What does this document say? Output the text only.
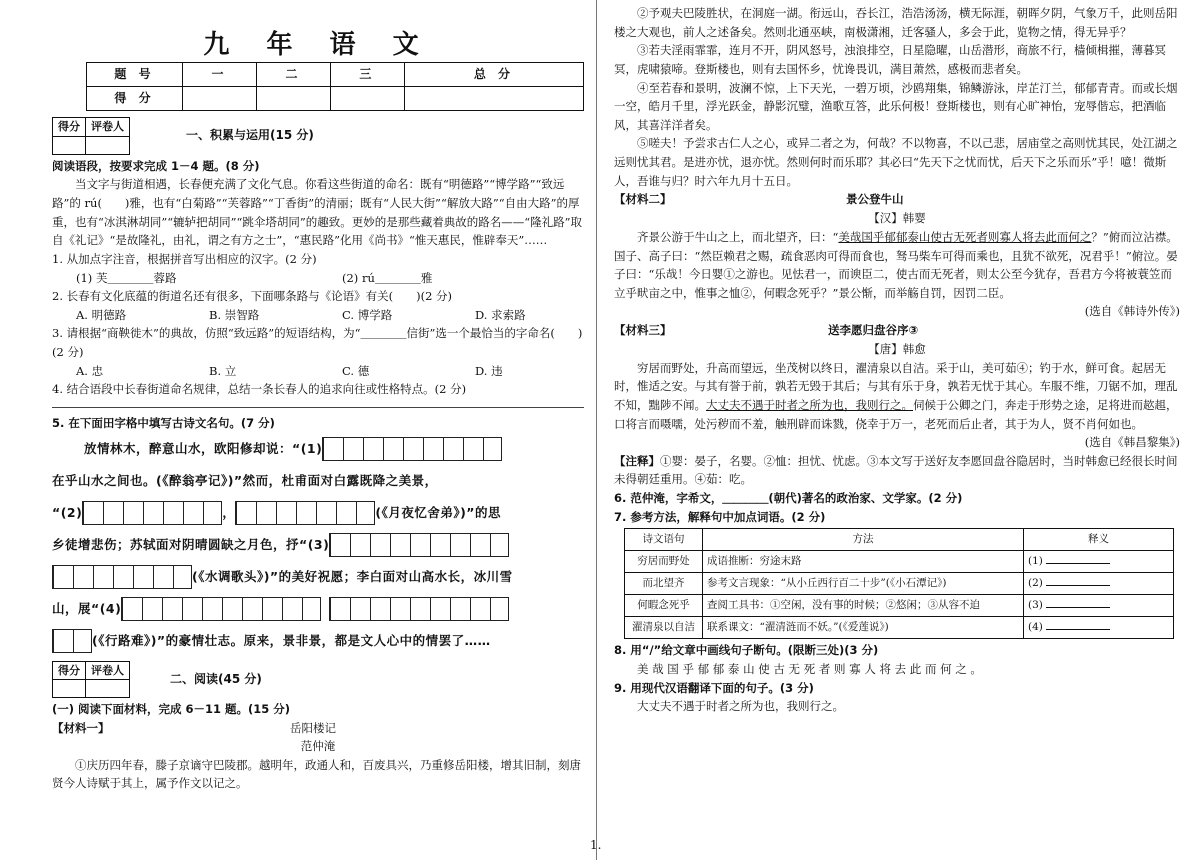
九 年 语 文
题 号	一	二	三	总 分
得 分				
得分	评卷人

一、积累与运用(15 分)

阅读语段，按要求完成 1－4 题。(8 分)

当文字与街道相遇，长春便充满了文化气息。你看这些街道的命名：既有“明德路”“博学路”“致远路”的 rú(　　)雅，也有“白菊路”“芙蓉路”“丁香街”的清丽；既有“人民大街”“解放大路”“自由大路”的厚重，也有“冰淇淋胡同”“辘轳把胡同”“跳伞塔胡同”的趣致。更妙的是那些藏着典故的路名——“隆礼路”取自《礼记》“是故隆礼，由礼，谓之有方之士”，“惠民路”化用《尚书》“惟天惠民，惟辟奉天”……

1. 从加点字注音，根据拼音写出相应的汉字。(2 分)

(1) 芙＿＿＿＿蓉路	(2) rú＿＿＿＿雅

2. 长春有文化底蕴的街道名还有很多，下面哪条路与《论语》有关(　　)(2 分)

A. 明德路	B. 崇智路	C. 博学路	D. 求索路

3. 请根据“商鞅徙木”的典故，仿照“致远路”的短语结构，为“＿＿＿＿信街”选一个最恰当的字命名(　　)(2 分)

A. 忠	B. 立	C. 德	D. 违

4. 结合语段中长春街道命名规律，总结一条长春人的追求向往或性格特点。(2 分)

5. 在下面田字格中填写古诗文名句。(7 分)

放情林木，醉意山水，欧阳修却说：“(1)
在乎山水之间也。(《醉翁亭记》)”然而，杜甫面对白露既降之美景，
“(2)	，	(《月夜忆舍弟》)”的思
乡徒增悲伤；苏轼面对阴晴圆缺之月色，抒“(3)
(《水调歌头》)”的美好祝愿；李白面对山高水长，冰川雪
山，展“(4)
(《行路难》)”的豪情壮志。原来，景非景，都是文人心中的情罢了……
得分	评卷人

二、阅读(45 分)

(一) 阅读下面材料，完成 6－11 题。(15 分)

【材料一】	岳阳楼记
范仲淹

①庆历四年春，滕子京谪守巴陵郡。越明年，政通人和，百废具兴，乃重修岳阳楼，增其旧制，刻唐贤今人诗赋于其上，属予作文以记之。

②予观夫巴陵胜状，在洞庭一湖。衔远山，吞长江，浩浩汤汤，横无际涯，朝晖夕阴，气象万千，此则岳阳楼之大观也，前人之述备矣。然则北通巫峡，南极潇湘，迁客骚人，多会于此，览物之情，得无异乎？

③若夫淫雨霏霏，连月不开，阴风怒号，浊浪排空，日星隐曜，山岳潜形，商旅不行，樯倾楫摧，薄暮冥冥，虎啸猿啼。登斯楼也，则有去国怀乡，忧谗畏讥，满目萧然，感极而悲者矣。

④至若春和景明，波澜不惊，上下天光，一碧万顷，沙鸥翔集，锦鳞游泳，岸芷汀兰，郁郁青青。而或长烟一空，皓月千里，浮光跃金，静影沉璧，渔歌互答，此乐何极！登斯楼也，则有心旷神怡，宠辱偕忘，把酒临风，其喜洋洋者矣。

⑤嗟夫！予尝求古仁人之心，或异二者之为，何哉？不以物喜，不以己悲，居庙堂之高则忧其民，处江湖之远则忧其君。是进亦忧，退亦忧。然则何时而乐耶？其必曰“先天下之忧而忧，后天下之乐而乐”乎！噫！微斯人，吾谁与归？时六年九月十五日。

【材料二】	景公登牛山
【汉】韩婴

齐景公游于牛山之上，而北望齐，曰：“美哉国乎郁郁泰山使古无死者则寡人将去此而何之？”俯而泣沾襟。国子、高子曰：“然臣赖君之赐，疏食恶肉可得而食也，驽马柴车可得而乘也，且犹不欲死，况君乎！”俯泣。晏子曰：“乐哉！今日婴①之游也。见怯君一，而谀臣二，使古而无死者，则太公至今犹存，吾君方今将被蓑笠而立乎畎亩之中，惟事之恤②，何暇念死乎？”景公惭，而举觞自罚，因罚二臣。

(选自《韩诗外传》)
【材料三】	送李愿归盘谷序③
【唐】韩愈

穷居而野处，升高而望远，坐茂树以终日，濯清泉以自洁。采于山，美可茹④；钓于水，鲜可食。起居无时，惟适之安。与其有誉于前，孰若无毁于其后；与其有乐于身，孰若无忧于其心。车服不维，刀锯不加，理乱不知，黜陟不闻。大丈夫不遇于时者之所为也，我则行之。伺候于公卿之门，奔走于形势之途，足将进而趑趄，口将言而嗫嚅，处污秽而不羞，触刑辟而诛戮，侥幸于万一，老死而后止者，其于为人，贤不肖何如也。

(选自《韩昌黎集》)

【注释】①婴：晏子，名婴。②恤：担忧、忧虑。③本文写于送好友李愿回盘谷隐居时，当时韩愈已经很长时间未得朝廷重用。④茹：吃。

6. 范仲淹，字希文，＿＿＿＿(朝代)著名的政治家、文学家。(2 分)

7. 参考方法，解释句中加点词语。(2 分)

诗文语句	方法	释义
穷居而野处	成语推断：穷途末路	(1)
而北望齐	参考文言现象：“从小丘西行百二十步”(《小石潭记》)	(2)
何暇念死乎	查阅工具书：①空闲，没有事的时候；②悠闲；③从容不迫	(3)
濯清泉以自洁	联系课文：“濯清涟而不妖。”(《爱莲说》)	(4)

8. 用“/”给文章中画线句子断句。(限断三处)(3 分)

美 哉 国 乎 郁 郁 泰 山 使 古 无 死 者 则 寡 人 将 去 此 而 何 之 。

9. 用现代汉语翻译下面的句子。(3 分)

大丈夫不遇于时者之所为也，我则行之。

1.
